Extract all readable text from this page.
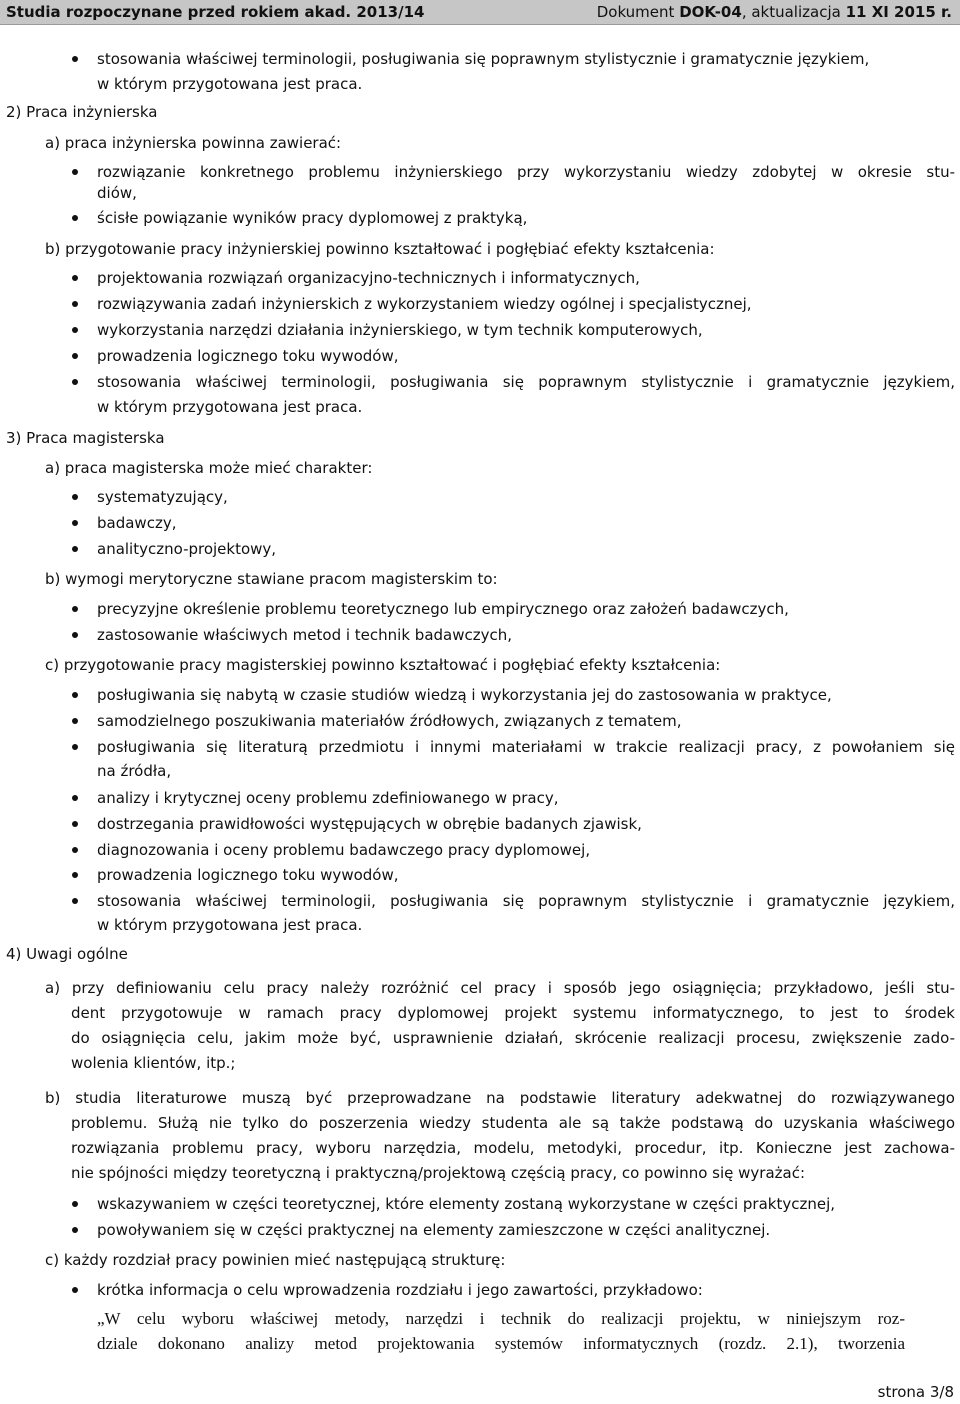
Studia rozpoczynane przed rokiem akad. 2013/14	Dokument DOK-04, aktualizacja 11 XI 2015 r.
stosowania właściwej terminologii, posługiwania się poprawnym stylistycznie i gramatycznie językiem,
w którym przygotowana jest praca.
2) Praca inżynierska
a) praca inżynierska powinna zawierać:
rozwiązanie konkretnego problemu inżynierskiego przy wykorzystaniu wiedzy zdobytej w okresie stu-
diów,
ścisłe powiązanie wyników pracy dyplomowej z praktyką,
b) przygotowanie pracy inżynierskiej powinno kształtować i pogłębiać efekty kształcenia:
projektowania rozwiązań organizacyjno-technicznych i informatycznych,
rozwiązywania zadań inżynierskich z wykorzystaniem wiedzy ogólnej i specjalistycznej,
wykorzystania narzędzi działania inżynierskiego, w tym technik komputerowych,
prowadzenia logicznego toku wywodów,
stosowania właściwej terminologii, posługiwania się poprawnym stylistycznie i gramatycznie językiem,
w którym przygotowana jest praca.
3) Praca magisterska
a) praca magisterska może mieć charakter:
systematyzujący,
badawczy,
analityczno-projektowy,
b) wymogi merytoryczne stawiane pracom magisterskim to:
precyzyjne określenie problemu teoretycznego lub empirycznego oraz założeń badawczych,
zastosowanie właściwych metod i technik badawczych,
c) przygotowanie pracy magisterskiej powinno kształtować i pogłębiać efekty kształcenia:
posługiwania się nabytą w czasie studiów wiedzą i wykorzystania jej do zastosowania w praktyce,
samodzielnego poszukiwania materiałów źródłowych, związanych z tematem,
posługiwania się literaturą przedmiotu i innymi materiałami w trakcie realizacji pracy, z powołaniem się
na źródła,
analizy i krytycznej oceny problemu zdefiniowanego w pracy,
dostrzegania prawidłowości występujących w obrębie badanych zjawisk,
diagnozowania i oceny problemu badawczego pracy dyplomowej,
prowadzenia logicznego toku wywodów,
stosowania właściwej terminologii, posługiwania się poprawnym stylistycznie i gramatycznie językiem,
w którym przygotowana jest praca.
4) Uwagi ogólne
a) przy definiowaniu celu pracy należy rozróżnić cel pracy i sposób jego osiągnięcia; przykładowo, jeśli stu-
dent przygotowuje w ramach pracy dyplomowej projekt systemu informatycznego, to jest to środek
do osiągnięcia celu, jakim może być, usprawnienie działań, skrócenie realizacji procesu, zwiększenie zado-
wolenia klientów, itp.;
b) studia literaturowe muszą być przeprowadzane na podstawie literatury adekwatnej do rozwiązywanego
problemu. Służą nie tylko do poszerzenia wiedzy studenta ale są także podstawą do uzyskania właściwego
rozwiązania problemu pracy, wyboru narzędzia, modelu, metodyki, procedur, itp. Konieczne jest zachowa-
nie spójności między teoretyczną i praktyczną/projektową częścią pracy, co powinno się wyrażać:
wskazywaniem w części teoretycznej, które elementy zostaną wykorzystane w części praktycznej,
powoływaniem się w części praktycznej na elementy zamieszczone w części analitycznej.
c) każdy rozdział pracy powinien mieć następującą strukturę:
krótka informacja o celu wprowadzenia rozdziału i jego zawartości, przykładowo:
„W celu wyboru właściwej metody, narzędzi i technik do realizacji projektu, w niniejszym roz-
dziale dokonano analizy metod projektowania systemów informatycznych (rozdz. 2.1), tworzenia
strona 3/8
